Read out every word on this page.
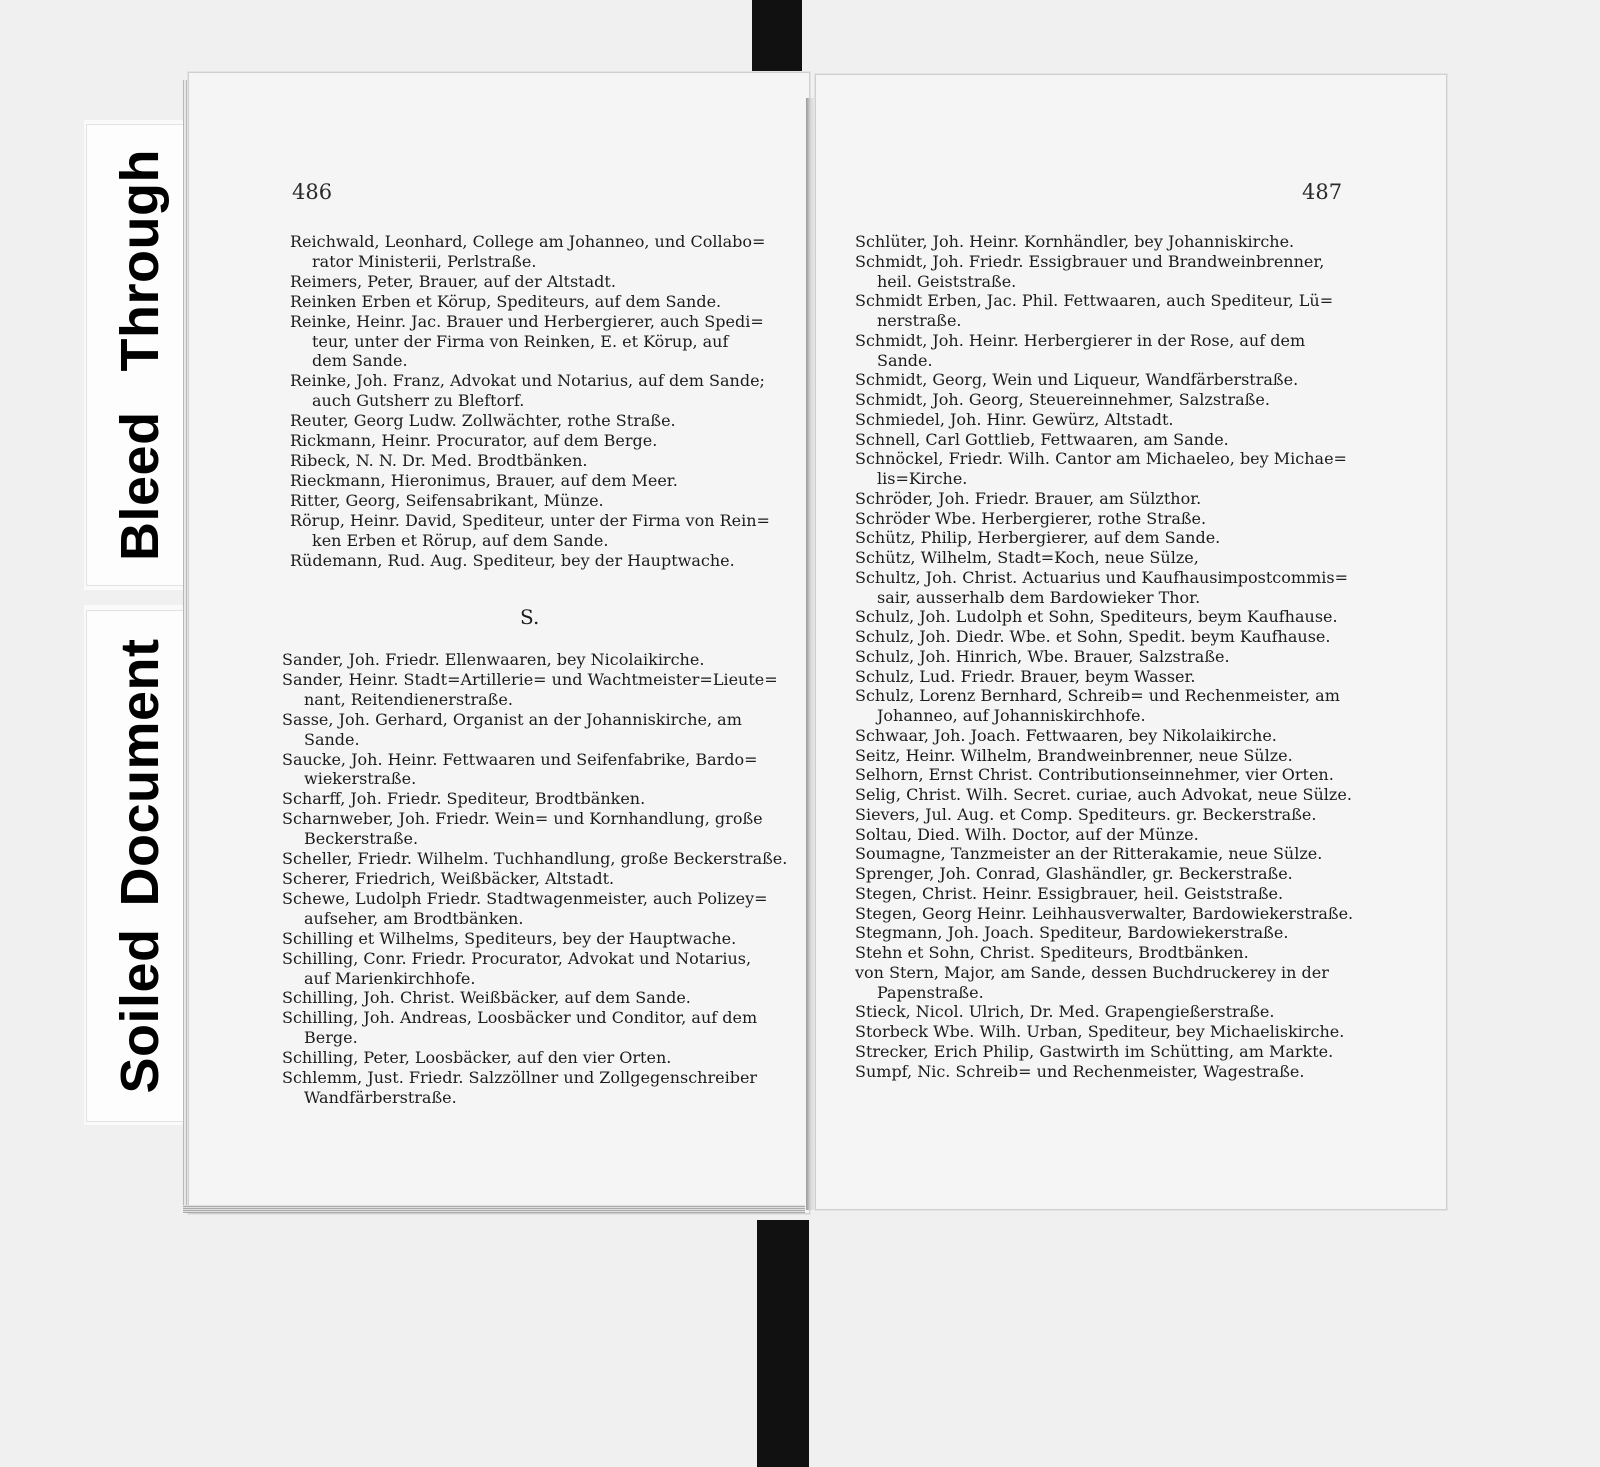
BleedThrough
SoiledDocument
486	487
Reichwald, Leonhard, College am Johanneo, und Collabo=
rator Ministerii, Perlstraße.
Reimers, Peter, Brauer, auf der Altstadt.
Reinken Erben et Körup, Spediteurs, auf dem Sande.
Reinke, Heinr. Jac. Brauer und Herbergierer, auch Spedi=
teur, unter der Firma von Reinken, E. et Körup, auf
dem Sande.
Reinke, Joh. Franz, Advokat und Notarius, auf dem Sande;
auch Gutsherr zu Bleftorf.
Reuter, Georg Ludw. Zollwächter, rothe Straße.
Rickmann, Heinr. Procurator, auf dem Berge.
Ribeck, N. N. Dr. Med. Brodtbänken.
Rieckmann, Hieronimus, Brauer, auf dem Meer.
Ritter, Georg, Seifensabrikant, Münze.
Rörup, Heinr. David, Spediteur, unter der Firma von Rein=
ken Erben et Rörup, auf dem Sande.
Rüdemann, Rud. Aug. Spediteur, bey der Hauptwache.
S.
Sander, Joh. Friedr. Ellenwaaren, bey Nicolaikirche.
Sander, Heinr. Stadt=Artillerie= und Wachtmeister=Lieute=
nant, Reitendienerstraße.
Sasse, Joh. Gerhard, Organist an der Johanniskirche, am
Sande.
Saucke, Joh. Heinr. Fettwaaren und Seifenfabrike, Bardo=
wiekerstraße.
Scharff, Joh. Friedr. Spediteur, Brodtbänken.
Scharnweber, Joh. Friedr. Wein= und Kornhandlung, große
Beckerstraße.
Scheller, Friedr. Wilhelm. Tuchhandlung, große Beckerstraße.
Scherer, Friedrich, Weißbäcker, Altstadt.
Schewe, Ludolph Friedr. Stadtwagenmeister, auch Polizey=
aufseher, am Brodtbänken.
Schilling et Wilhelms, Spediteurs, bey der Hauptwache.
Schilling, Conr. Friedr. Procurator, Advokat und Notarius,
auf Marienkirchhofe.
Schilling, Joh. Christ. Weißbäcker, auf dem Sande.
Schilling, Joh. Andreas, Loosbäcker und Conditor, auf dem
Berge.
Schilling, Peter, Loosbäcker, auf den vier Orten.
Schlemm, Just. Friedr. Salzzöllner und Zollgegenschreiber
Wandfärberstraße.
Schlüter, Joh. Heinr. Kornhändler, bey Johanniskirche.
Schmidt, Joh. Friedr. Essigbrauer und Brandweinbrenner,
heil. Geiststraße.
Schmidt Erben, Jac. Phil. Fettwaaren, auch Spediteur, Lü=
nerstraße.
Schmidt, Joh. Heinr. Herbergierer in der Rose, auf dem
Sande.
Schmidt, Georg, Wein und Liqueur, Wandfärberstraße.
Schmidt, Joh. Georg, Steuereinnehmer, Salzstraße.
Schmiedel, Joh. Hinr. Gewürz, Altstadt.
Schnell, Carl Gottlieb, Fettwaaren, am Sande.
Schnöckel, Friedr. Wilh. Cantor am Michaeleo, bey Michae=
lis=Kirche.
Schröder, Joh. Friedr. Brauer, am Sülzthor.
Schröder Wbe. Herbergierer, rothe Straße.
Schütz, Philip, Herbergierer, auf dem Sande.
Schütz, Wilhelm, Stadt=Koch, neue Sülze,
Schultz, Joh. Christ. Actuarius und Kaufhausimpostcommis=
sair, ausserhalb dem Bardowieker Thor.
Schulz, Joh. Ludolph et Sohn, Spediteurs, beym Kaufhause.
Schulz, Joh. Diedr. Wbe. et Sohn, Spedit. beym Kaufhause.
Schulz, Joh. Hinrich, Wbe. Brauer, Salzstraße.
Schulz, Lud. Friedr. Brauer, beym Wasser.
Schulz, Lorenz Bernhard, Schreib= und Rechenmeister, am
Johanneo, auf Johanniskirchhofe.
Schwaar, Joh. Joach. Fettwaaren, bey Nikolaikirche.
Seitz, Heinr. Wilhelm, Brandweinbrenner, neue Sülze.
Selhorn, Ernst Christ. Contributionseinnehmer, vier Orten.
Selig, Christ. Wilh. Secret. curiae, auch Advokat, neue Sülze.
Sievers, Jul. Aug. et Comp. Spediteurs. gr. Beckerstraße.
Soltau, Died. Wilh. Doctor, auf der Münze.
Soumagne, Tanzmeister an der Ritterakamie, neue Sülze.
Sprenger, Joh. Conrad, Glashändler, gr. Beckerstraße.
Stegen, Christ. Heinr. Essigbrauer, heil. Geiststraße.
Stegen, Georg Heinr. Leihhausverwalter, Bardowiekerstraße.
Stegmann, Joh. Joach. Spediteur, Bardowiekerstraße.
Stehn et Sohn, Christ. Spediteurs, Brodtbänken.
von Stern, Major, am Sande, dessen Buchdruckerey in der
Papenstraße.
Stieck, Nicol. Ulrich, Dr. Med. Grapengießerstraße.
Storbeck Wbe. Wilh. Urban, Spediteur, bey Michaeliskirche.
Strecker, Erich Philip, Gastwirth im Schütting, am Markte.
Sumpf, Nic. Schreib= und Rechenmeister, Wagestraße.
